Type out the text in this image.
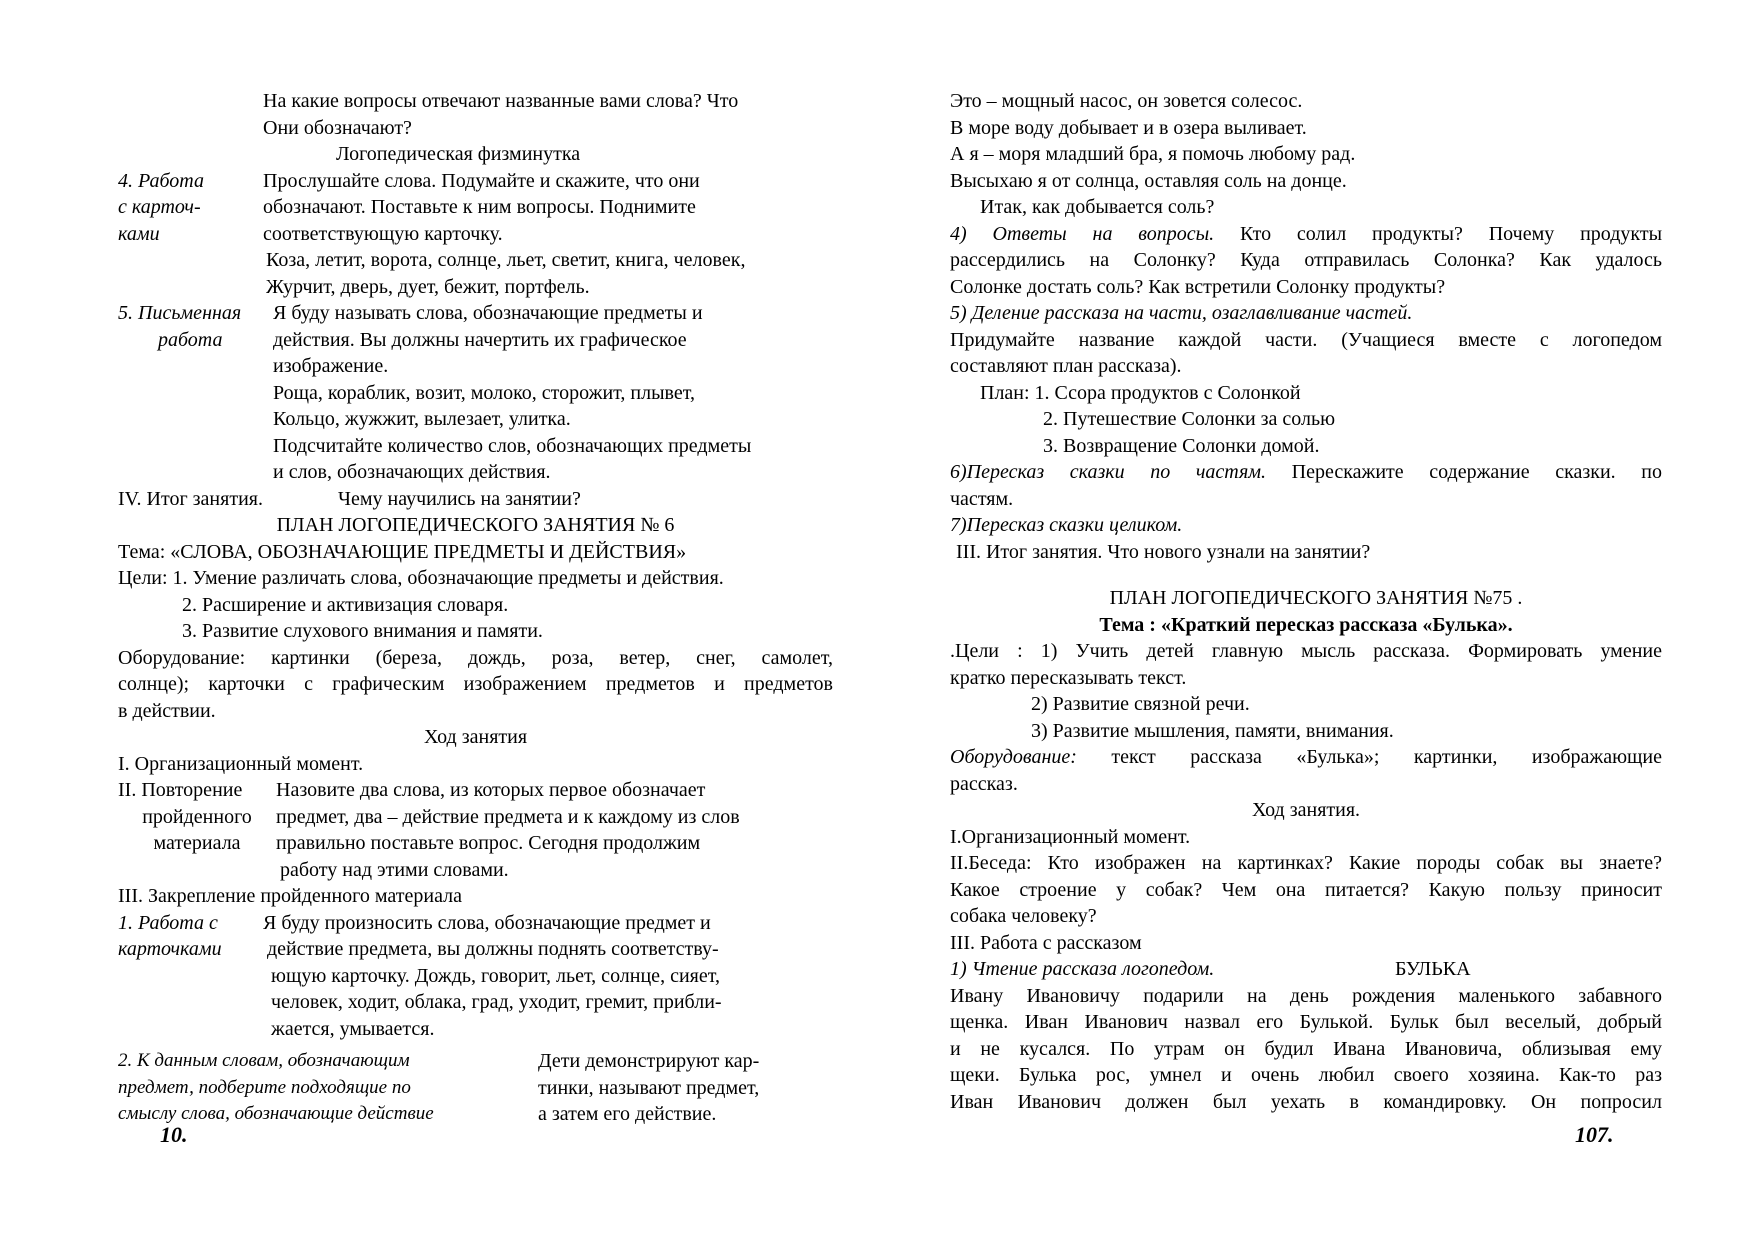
На какие вопросы отвечают названные вами слова? Что
Они обозначают?
Логопедическая физминутка
4. Работа
с карточ-
ками
Прослушайте слова. Подумайте и скажите, что они
обозначают. Поставьте к ним вопросы. Поднимите
соответствующую карточку.
Коза, летит, ворота, солнце, льет, светит, книга, человек,
Журчит, дверь, дует, бежит, портфель.
5. Письменная
работа
Я буду называть слова, обозначающие предметы и
действия. Вы должны начертить их графическое
изображение.
Роща, кораблик, возит, молоко, сторожит, плывет,
Кольцо, жужжит, вылезает, улитка.
Подсчитайте количество слов, обозначающих предметы
и слов, обозначающих действия.
IV. Итог занятия.	Чему научились на занятии?
ПЛАН ЛОГОПЕДИЧЕСКОГО ЗАНЯТИЯ № 6
Тема: «СЛОВА, ОБОЗНАЧАЮЩИЕ ПРЕДМЕТЫ И ДЕЙСТВИЯ»
Цели: 1. Умение различать слова, обозначающие предметы и действия.
2. Расширение и активизация словаря.
3. Развитие слухового внимания и памяти.
Оборудование: картинки (береза, дождь, роза, ветер, снег, самолет,
солнце); карточки с графическим изображением предметов и предметов
в действии.
Ход занятия
I. Организационный момент.
II. Повторение
пройденного
материала
Назовите два слова, из которых первое обозначает
предмет, два – действие предмета и к каждому из слов
правильно поставьте вопрос. Сегодня продолжим
работу над этими словами.
III. Закрепление пройденного материала
1. Работа с
карточками
Я буду произносить слова, обозначающие предмет и
действие предмета, вы должны поднять соответству-
ющую карточку. Дождь, говорит, льет, солнце, сияет,
человек, ходит, облака, град, уходит, гремит, прибли-
жается, умывается.
2. К данным словам, обозначающим
предмет, подберите подходящие по
смыслу слова, обозначающие действие
Дети демонстрируют кар-
тинки, называют предмет,
а затем его действие.
10.
Это – мощный насос, он зовется солесос.
В море воду добывает и в озера выливает.
А я – моря младший бра, я помочь любому рад.
Высыхаю я от солнца, оставляя соль на донце.
Итак, как добывается соль?
4) Ответы на вопросы. Кто солил продукты? Почему продукты
рассердились на Солонку? Куда отправилась Солонка? Как удалось
Солонке достать соль? Как встретили Солонку продукты?
5) Деление рассказа на части, озаглавливание частей.
Придумайте название каждой части. (Учащиеся вместе с логопедом
составляют план рассказа).
План: 1. Ссора продуктов с Солонкой
2. Путешествие Солонки за солью
3. Возвращение Солонки домой.
6)Пересказ сказки по частям. Перескажите содержание сказки. по
частям.
7)Пересказ сказки целиком.
III. Итог занятия. Что нового узнали на занятии?
ПЛАН ЛОГОПЕДИЧЕСКОГО ЗАНЯТИЯ №75 .
Тема : «Краткий пересказ рассказа «Булька».
.Цели : 1) Учить детей главную мысль рассказа. Формировать умение
кратко пересказывать текст.
2) Развитие связной речи.
3) Развитие мышления, памяти, внимания.
Оборудование: текст рассказа «Булька»; картинки, изображающие
рассказ.
Ход занятия.
I.Организационный момент.
II.Беседа: Кто изображен на картинках? Какие породы собак вы знаете?
Какое строение у собак? Чем она питается? Какую пользу приносит
собака человеку?
III. Работа с рассказом
1) Чтение рассказа логопедом.	БУЛЬКА
Ивану Ивановичу подарили на день рождения маленького забавного
щенка. Иван Иванович назвал его Булькой. Бульк был веселый, добрый
и не кусался. По утрам он будил Ивана Ивановича, облизывая ему
щеки. Булька рос, умнел и очень любил своего хозяина. Как-то раз
Иван Иванович должен был уехать в командировку. Он попросил
107.
